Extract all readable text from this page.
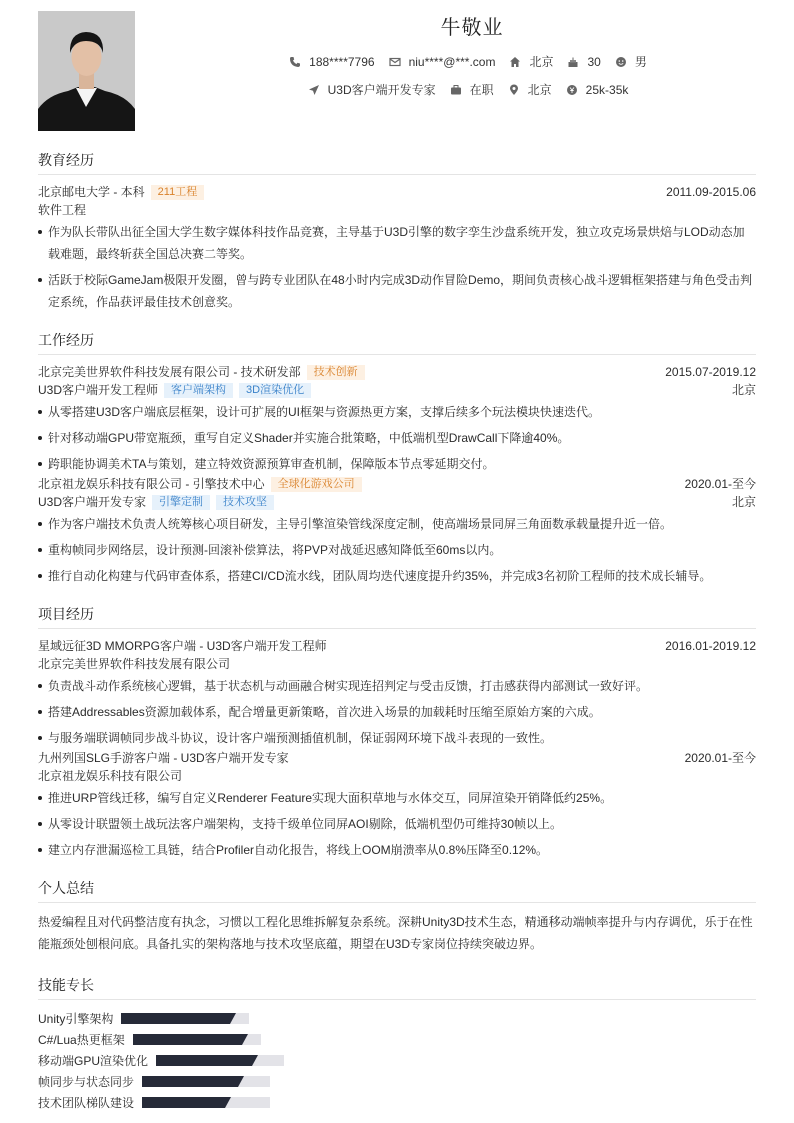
牛敬业
188****7796	niu****@***.com	北京	30	男
U3D客户端开发专家	在职	北京	25k-35k
教育经历
北京邮电大学 - 本科	211工程	2011.09-2015.06
软件工程
作为队长带队出征全国大学生数字媒体科技作品竞赛，主导基于U3D引擎的数字孪生沙盘系统开发，独立攻克场景烘焙与LOD动态加载难题，最终斩获全国总决赛二等奖。
活跃于校际GameJam极限开发圈，曾与跨专业团队在48小时内完成3D动作冒险Demo，期间负责核心战斗逻辑框架搭建与角色受击判定系统，作品获评最佳技术创意奖。
工作经历
北京完美世界软件科技发展有限公司 - 技术研发部	技术创新	2015.07-2019.12
U3D客户端开发工程师	客户端架构	3D渲染优化	北京
从零搭建U3D客户端底层框架，设计可扩展的UI框架与资源热更方案，支撑后续多个玩法模块快速迭代。
针对移动端GPU带宽瓶颈，重写自定义Shader并实施合批策略，中低端机型DrawCall下降逾40%。
跨职能协调美术TA与策划，建立特效资源预算审查机制，保障版本节点零延期交付。
北京祖龙娱乐科技有限公司 - 引擎技术中心	全球化游戏公司	2020.01-至今
U3D客户端开发专家	引擎定制	技术攻坚	北京
作为客户端技术负责人统筹核心项目研发，主导引擎渲染管线深度定制，使高端场景同屏三角面数承载量提升近一倍。
重构帧同步网络层，设计预测-回滚补偿算法，将PVP对战延迟感知降低至60ms以内。
推行自动化构建与代码审查体系，搭建CI/CD流水线，团队周均迭代速度提升约35%，并完成3名初阶工程师的技术成长辅导。
项目经历
星域远征3D MMORPG客户端 - U3D客户端开发工程师	2016.01-2019.12
北京完美世界软件科技发展有限公司
负责战斗动作系统核心逻辑，基于状态机与动画融合树实现连招判定与受击反馈，打击感获得内部测试一致好评。
搭建Addressables资源加载体系，配合增量更新策略，首次进入场景的加载耗时压缩至原始方案的六成。
与服务端联调帧同步战斗协议，设计客户端预测插值机制，保证弱网环境下战斗表现的一致性。
九州列国SLG手游客户端 - U3D客户端开发专家	2020.01-至今
北京祖龙娱乐科技有限公司
推进URP管线迁移，编写自定义Renderer Feature实现大面积草地与水体交互，同屏渲染开销降低约25%。
从零设计联盟领土战玩法客户端架构，支持千级单位同屏AOI剔除，低端机型仍可维持30帧以上。
建立内存泄漏巡检工具链，结合Profiler自动化报告，将线上OOM崩溃率从0.8%压降至0.12%。
个人总结
热爱编程且对代码整洁度有执念，习惯以工程化思维拆解复杂系统。深耕Unity3D技术生态，精通移动端帧率提升与内存调优，乐于在性能瓶颈处刨根问底。具备扎实的架构落地与技术攻坚底蕴，期望在U3D专家岗位持续突破边界。
技能专长
Unity引擎架构
C#/Lua热更框架
移动端GPU渲染优化
帧同步与状态同步
技术团队梯队建设
